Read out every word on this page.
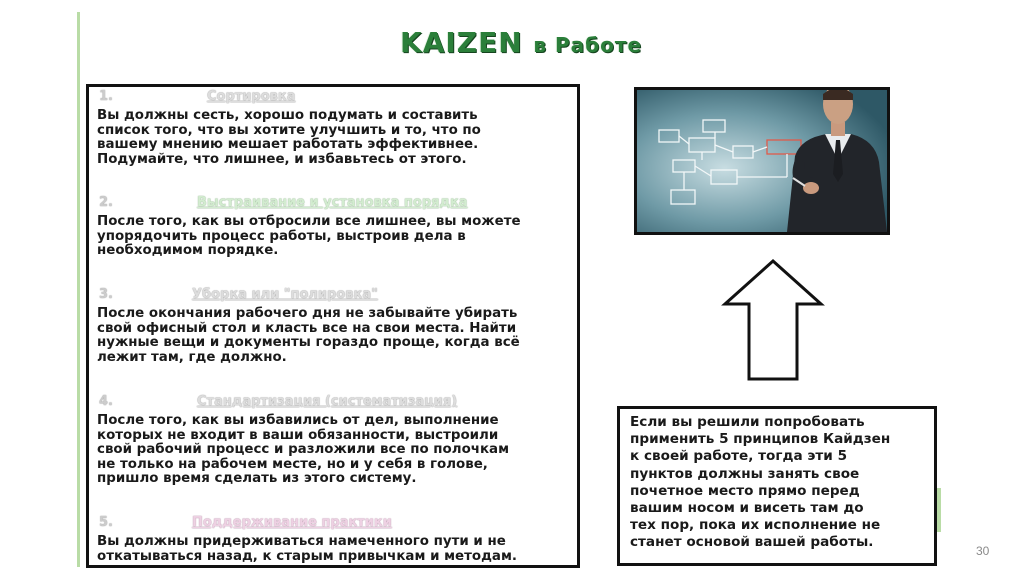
KAIZEN в Работе
1.	Сортировка
Вы должны сесть, хорошо подумать и составить
список того, что вы хотите улучшить и то, что по
вашему мнению мешает работать эффективнее.
Подумайте, что лишнее, и избавьтесь от этого.
2.	Выстраивание и установка порядка
После того, как вы отбросили все лишнее, вы можете
упорядочить процесс работы, выстроив дела в
необходимом порядке.
3.	Уборка или "полировка"
После окончания рабочего дня не забывайте убирать
свой офисный стол и класть все на свои места. Найти
нужные вещи и документы гораздо проще, когда всё
лежит там, где должно.
4.	Стандартизация (систематизация)
После того, как вы избавились от дел, выполнение
которых не входит в ваши обязанности, выстроили
свой рабочий процесс и разложили все по полочкам
не только на рабочем месте, но и у себя в голове,
пришло время сделать из этого систему.
5.	Поддерживание практики
Вы должны придерживаться намеченного пути и не
откатываться назад, к старым привычкам и методам.
Если вы решили попробовать
применить 5 принципов Кайдзен
к своей работе, тогда эти 5
пунктов должны занять свое
почетное место прямо перед
вашим носом и висеть там до
тех пор, пока их исполнение не
станет основой вашей работы.
30
